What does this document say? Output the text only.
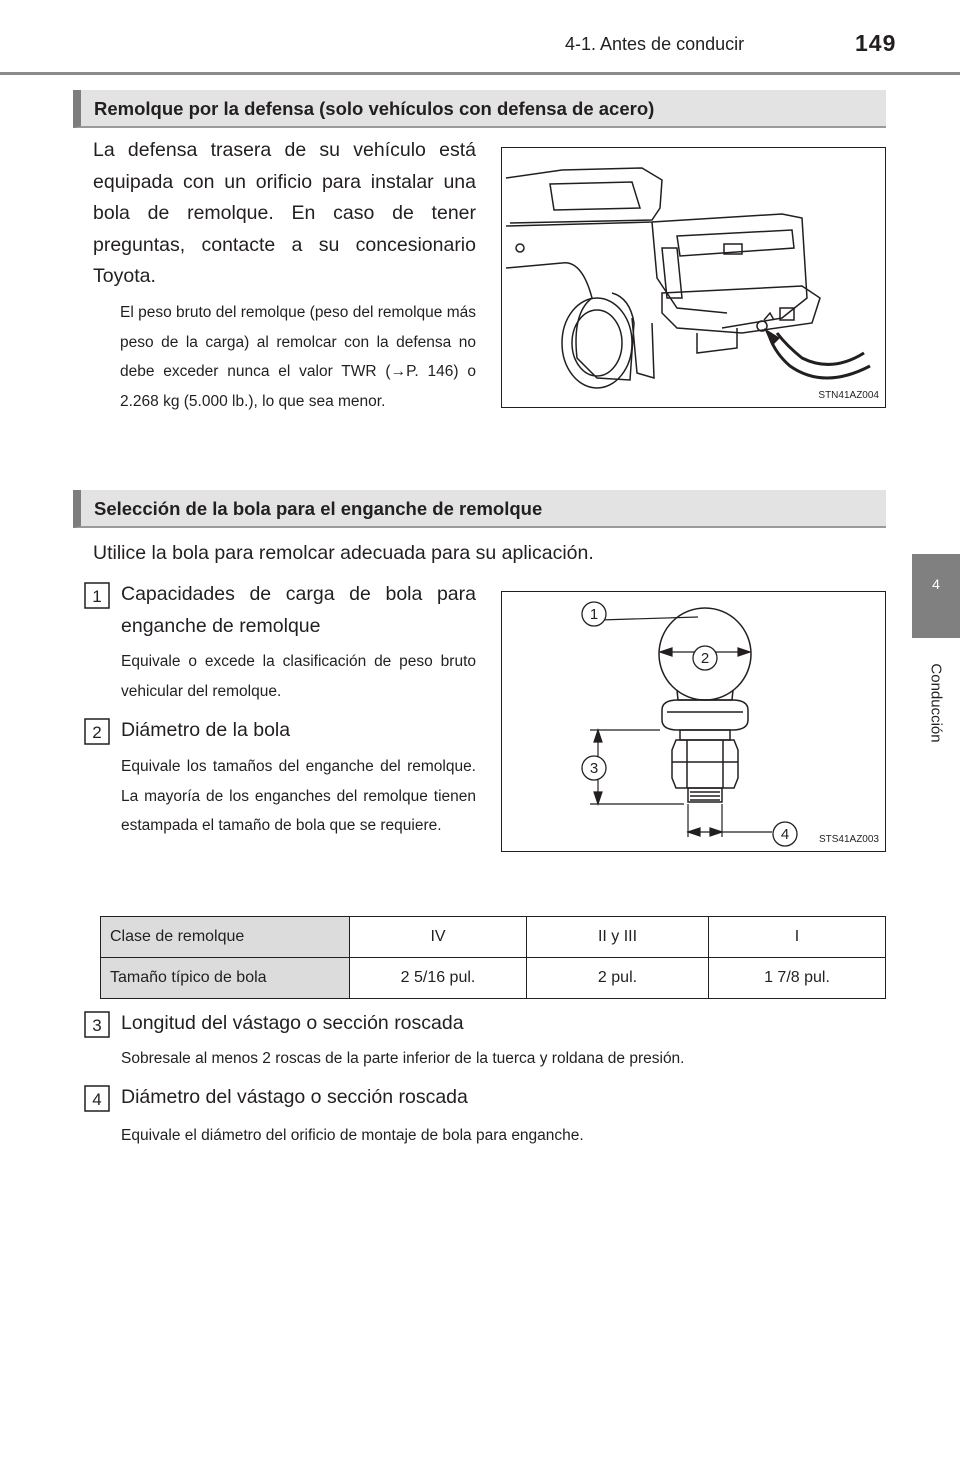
4-1. Antes de conducir	149
4
Conducción
Remolque por la defensa (solo vehículos con defensa de acero)
La defensa trasera de su vehículo está equipada con un orificio para instalar una bola de remolque. En caso de tener preguntas, contacte a su concesionario Toyota.
El peso bruto del remolque (peso del remolque más peso de la carga) al remolcar con la defensa no debe exceder nunca el valor TWR (→P. 146) o 2.268 kg (5.000 lb.), lo que sea menor.	STN41AZ004
Selección de la bola para el enganche de remolque
Utilice la bola para remolcar adecuada para su aplicación.
1 Capacidades de carga de bola para enganche de remolque
Equivale o excede la clasificación de peso bruto vehicular del remolque.
2 Diámetro de la bola
Equivale los tamaños del enganche del remolque. La mayoría de los enganches del remolque tienen estampada el tamaño de bola que se requiere.
1
2
3
4	STS41AZ003
Clase de remolque	IV	II y III	I
Tamaño típico de bola	2 5/16 pul.	2 pul.	1 7/8 pul.
3 Longitud del vástago o sección roscada
Sobresale al menos 2 roscas de la parte inferior de la tuerca y roldana de presión.
4 Diámetro del vástago o sección roscada
Equivale el diámetro del orificio de montaje de bola para enganche.
